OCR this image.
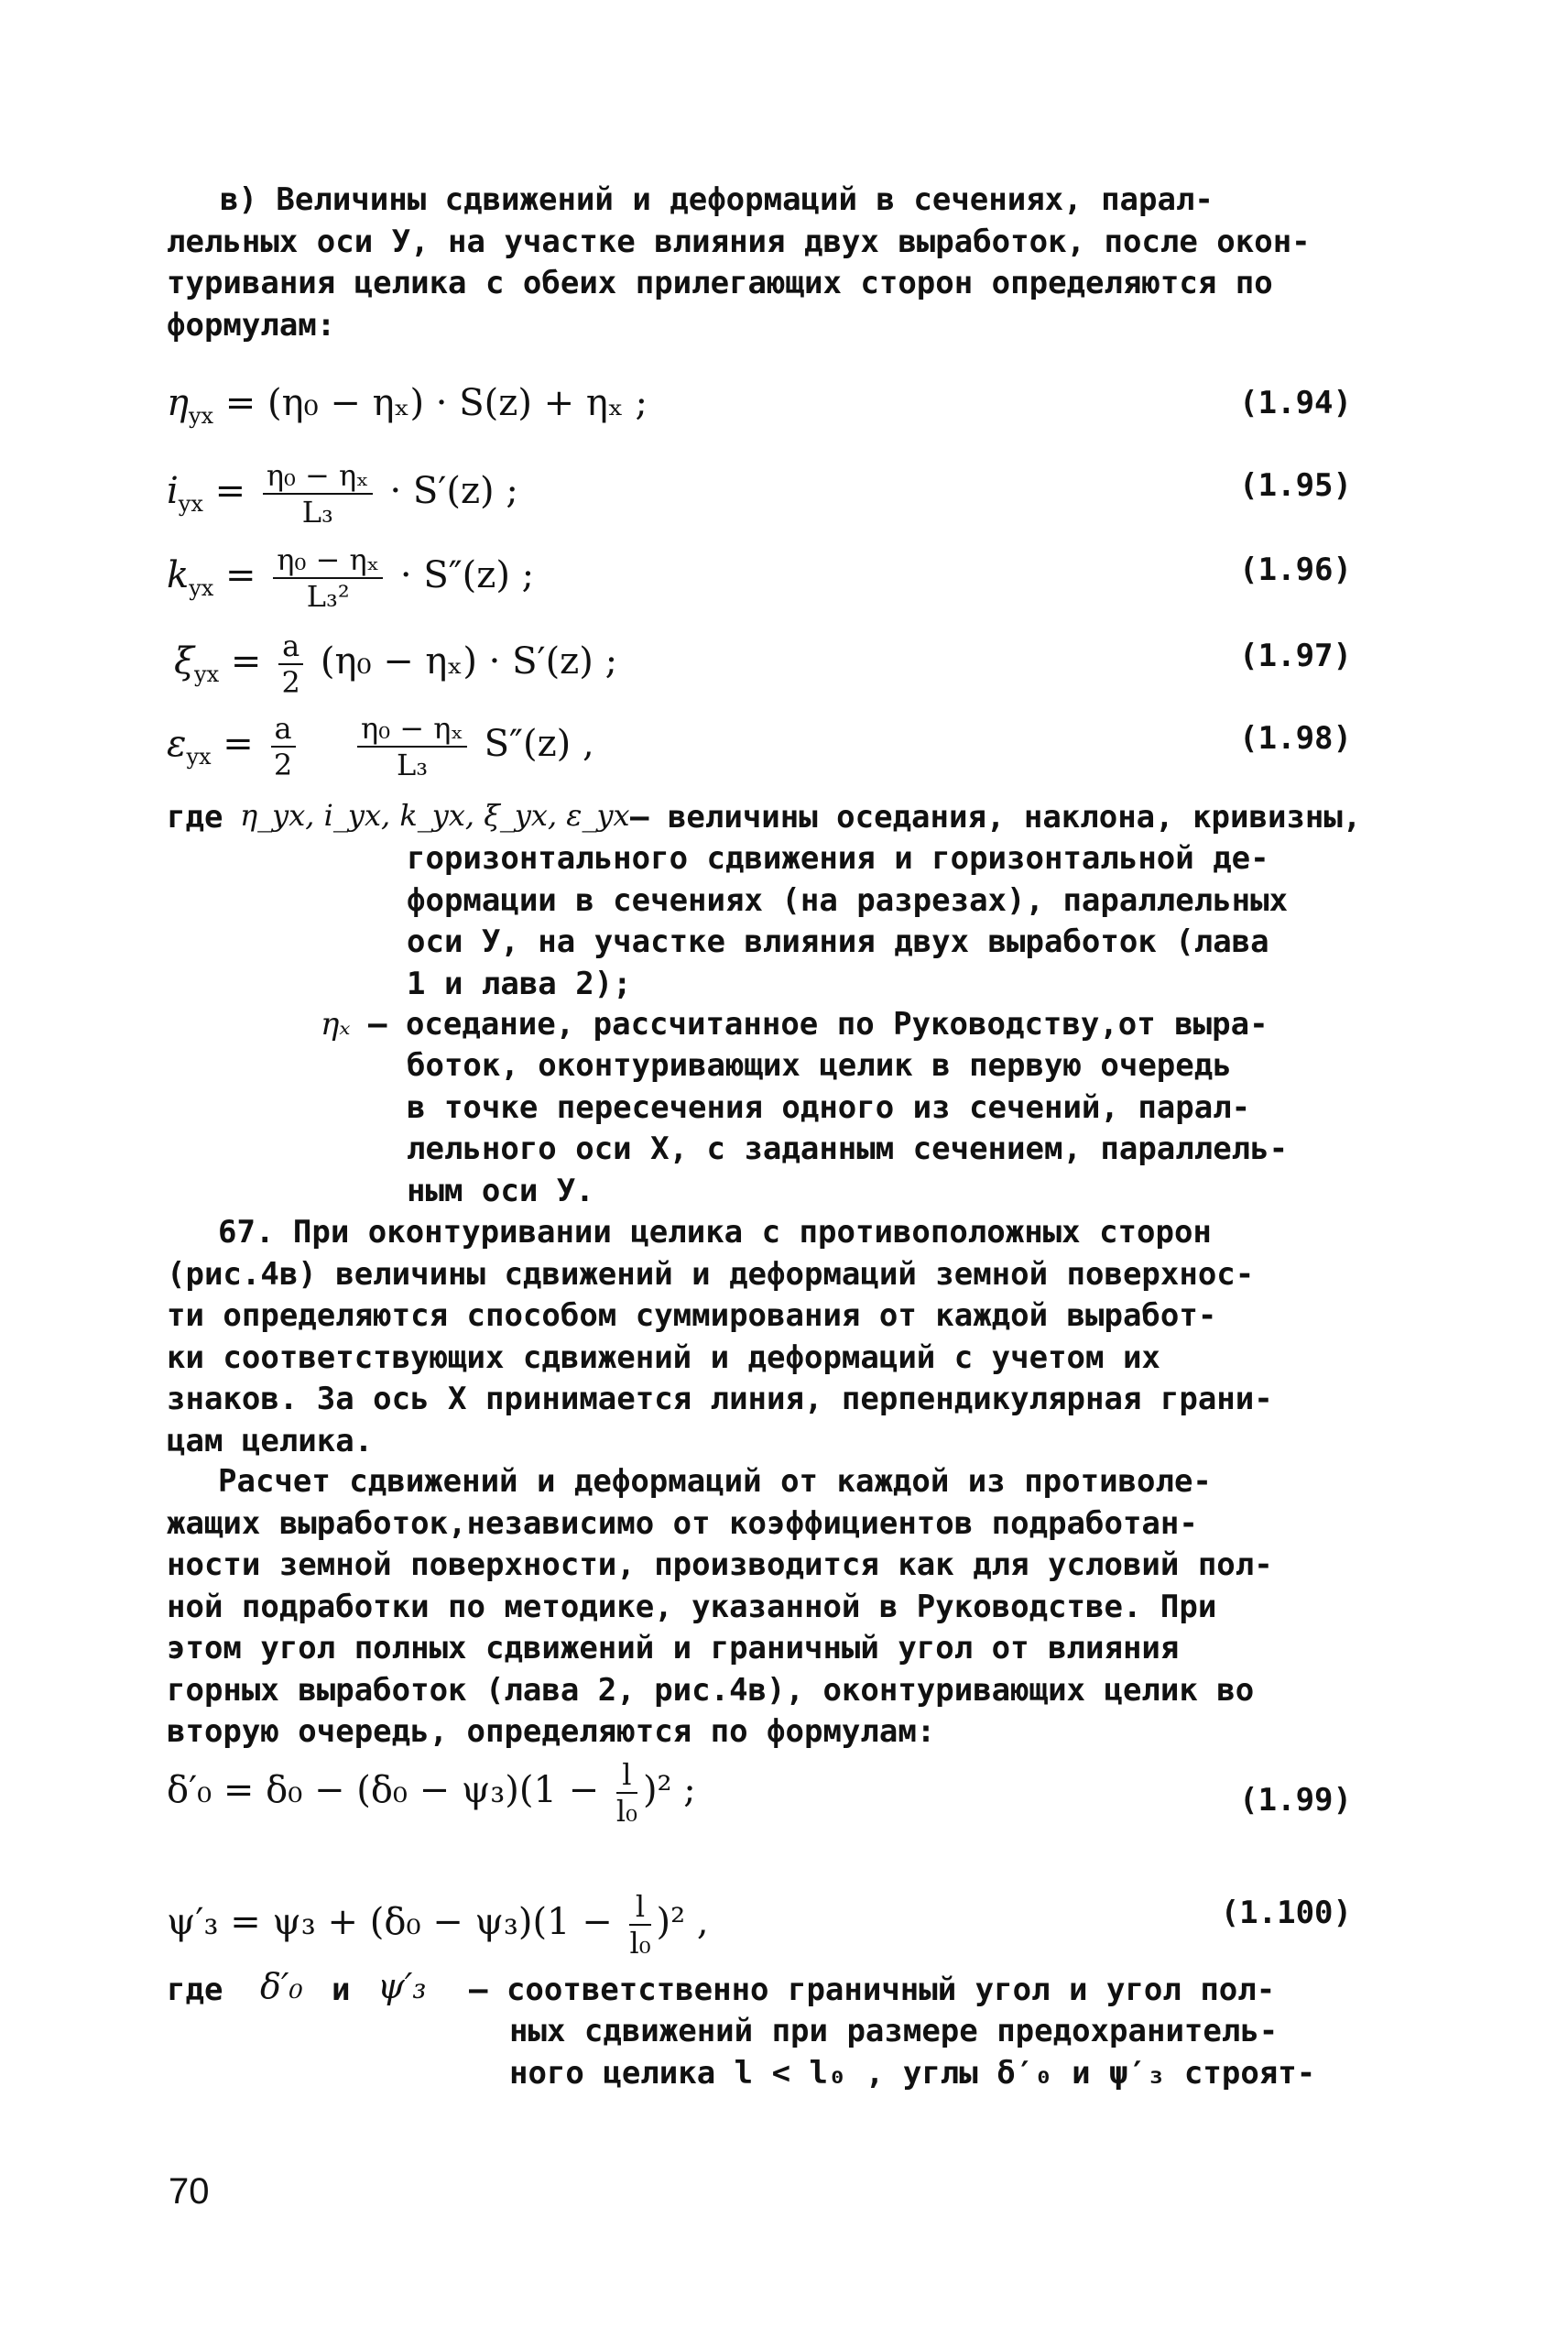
в) Величины сдвижений и деформаций в сечениях, парал-
лельных оси У, на участке влияния двух выработок, после окон-
туривания целика с обеих прилегающих сторон определяются по
формулам:
$\eta_{yx} = (\eta_0 - \eta_x) \cdot S(z) + \eta_x$ ;	(1.94)
$i_{yx} = \frac{\text{η₀ − ηₓ}}{\text{L₃}} \cdot S'(z)$ ;	(1.95)
$k_{yx} = \frac{\text{η₀ − ηₓ}}{\text{L₃²}} \cdot S''(z)$ ;	(1.96)
$\xi_{yx} = \frac{a}{2} (\eta_0 - \eta_x) \cdot S'(z)$ ;	(1.97)
$\varepsilon_{yx} = \frac{a}{2}$
$\frac{\text{η₀ − ηₓ}}{\text{L₃}} S''(z)$ ,	(1.98)
где η_yx, i_yx, k_yx, ξ_yx, ε_yx – величины оседания, наклона, кривизны,
горизонтального сдвижения и горизонтальной де-
формации в сечениях (на разрезах), параллельных
оси У, на участке влияния двух выработок (лава
1 и лава 2);
ηₓ – оседание, рассчитанное по Руководству,от выра-
боток, оконтуривающих целик в первую очередь
в точке пересечения одного из сечений, парал-
лельного оси Х, с заданным сечением, параллель-
ным оси У.
67. При оконтуривании целика с противоположных сторон
(рис.4в) величины сдвижений и деформаций земной поверхнос-
ти определяются способом суммирования от каждой выработ-
ки соответствующих сдвижений и деформаций с учетом их
знаков. За ось Х принимается линия, перпендикулярная грани-
цам целика.
Расчет сдвижений и деформаций от каждой из противоле-
жащих выработок,независимо от коэффициентов подработан-
ности земной поверхности, производится как для условий пол-
ной подработки по методике, указанной в Руководстве. При
этом угол полных сдвижений и граничный угол от влияния
горных выработок (лава 2, рис.4в), оконтуривающих целик во
вторую очередь, определяются по формулам:
$\delta'_0 = \delta_0 - (\delta_0 - \psi_3)(1 - \frac{l}{\text{l₀}} )^2$ ;	(1.99)
$\psi'_3 = \psi_3 + (\delta_0 - \psi_3)(1 - \frac{l}{\text{l₀}} )^2$ ,	(1.100)
где δ′₀ и ψ′₃ – соответственно граничный угол и угол пол-
ных сдвижений при размере предохранитель-
ного целика l < l₀ , углы δ′₀ и ψ′₃ строят-
70
